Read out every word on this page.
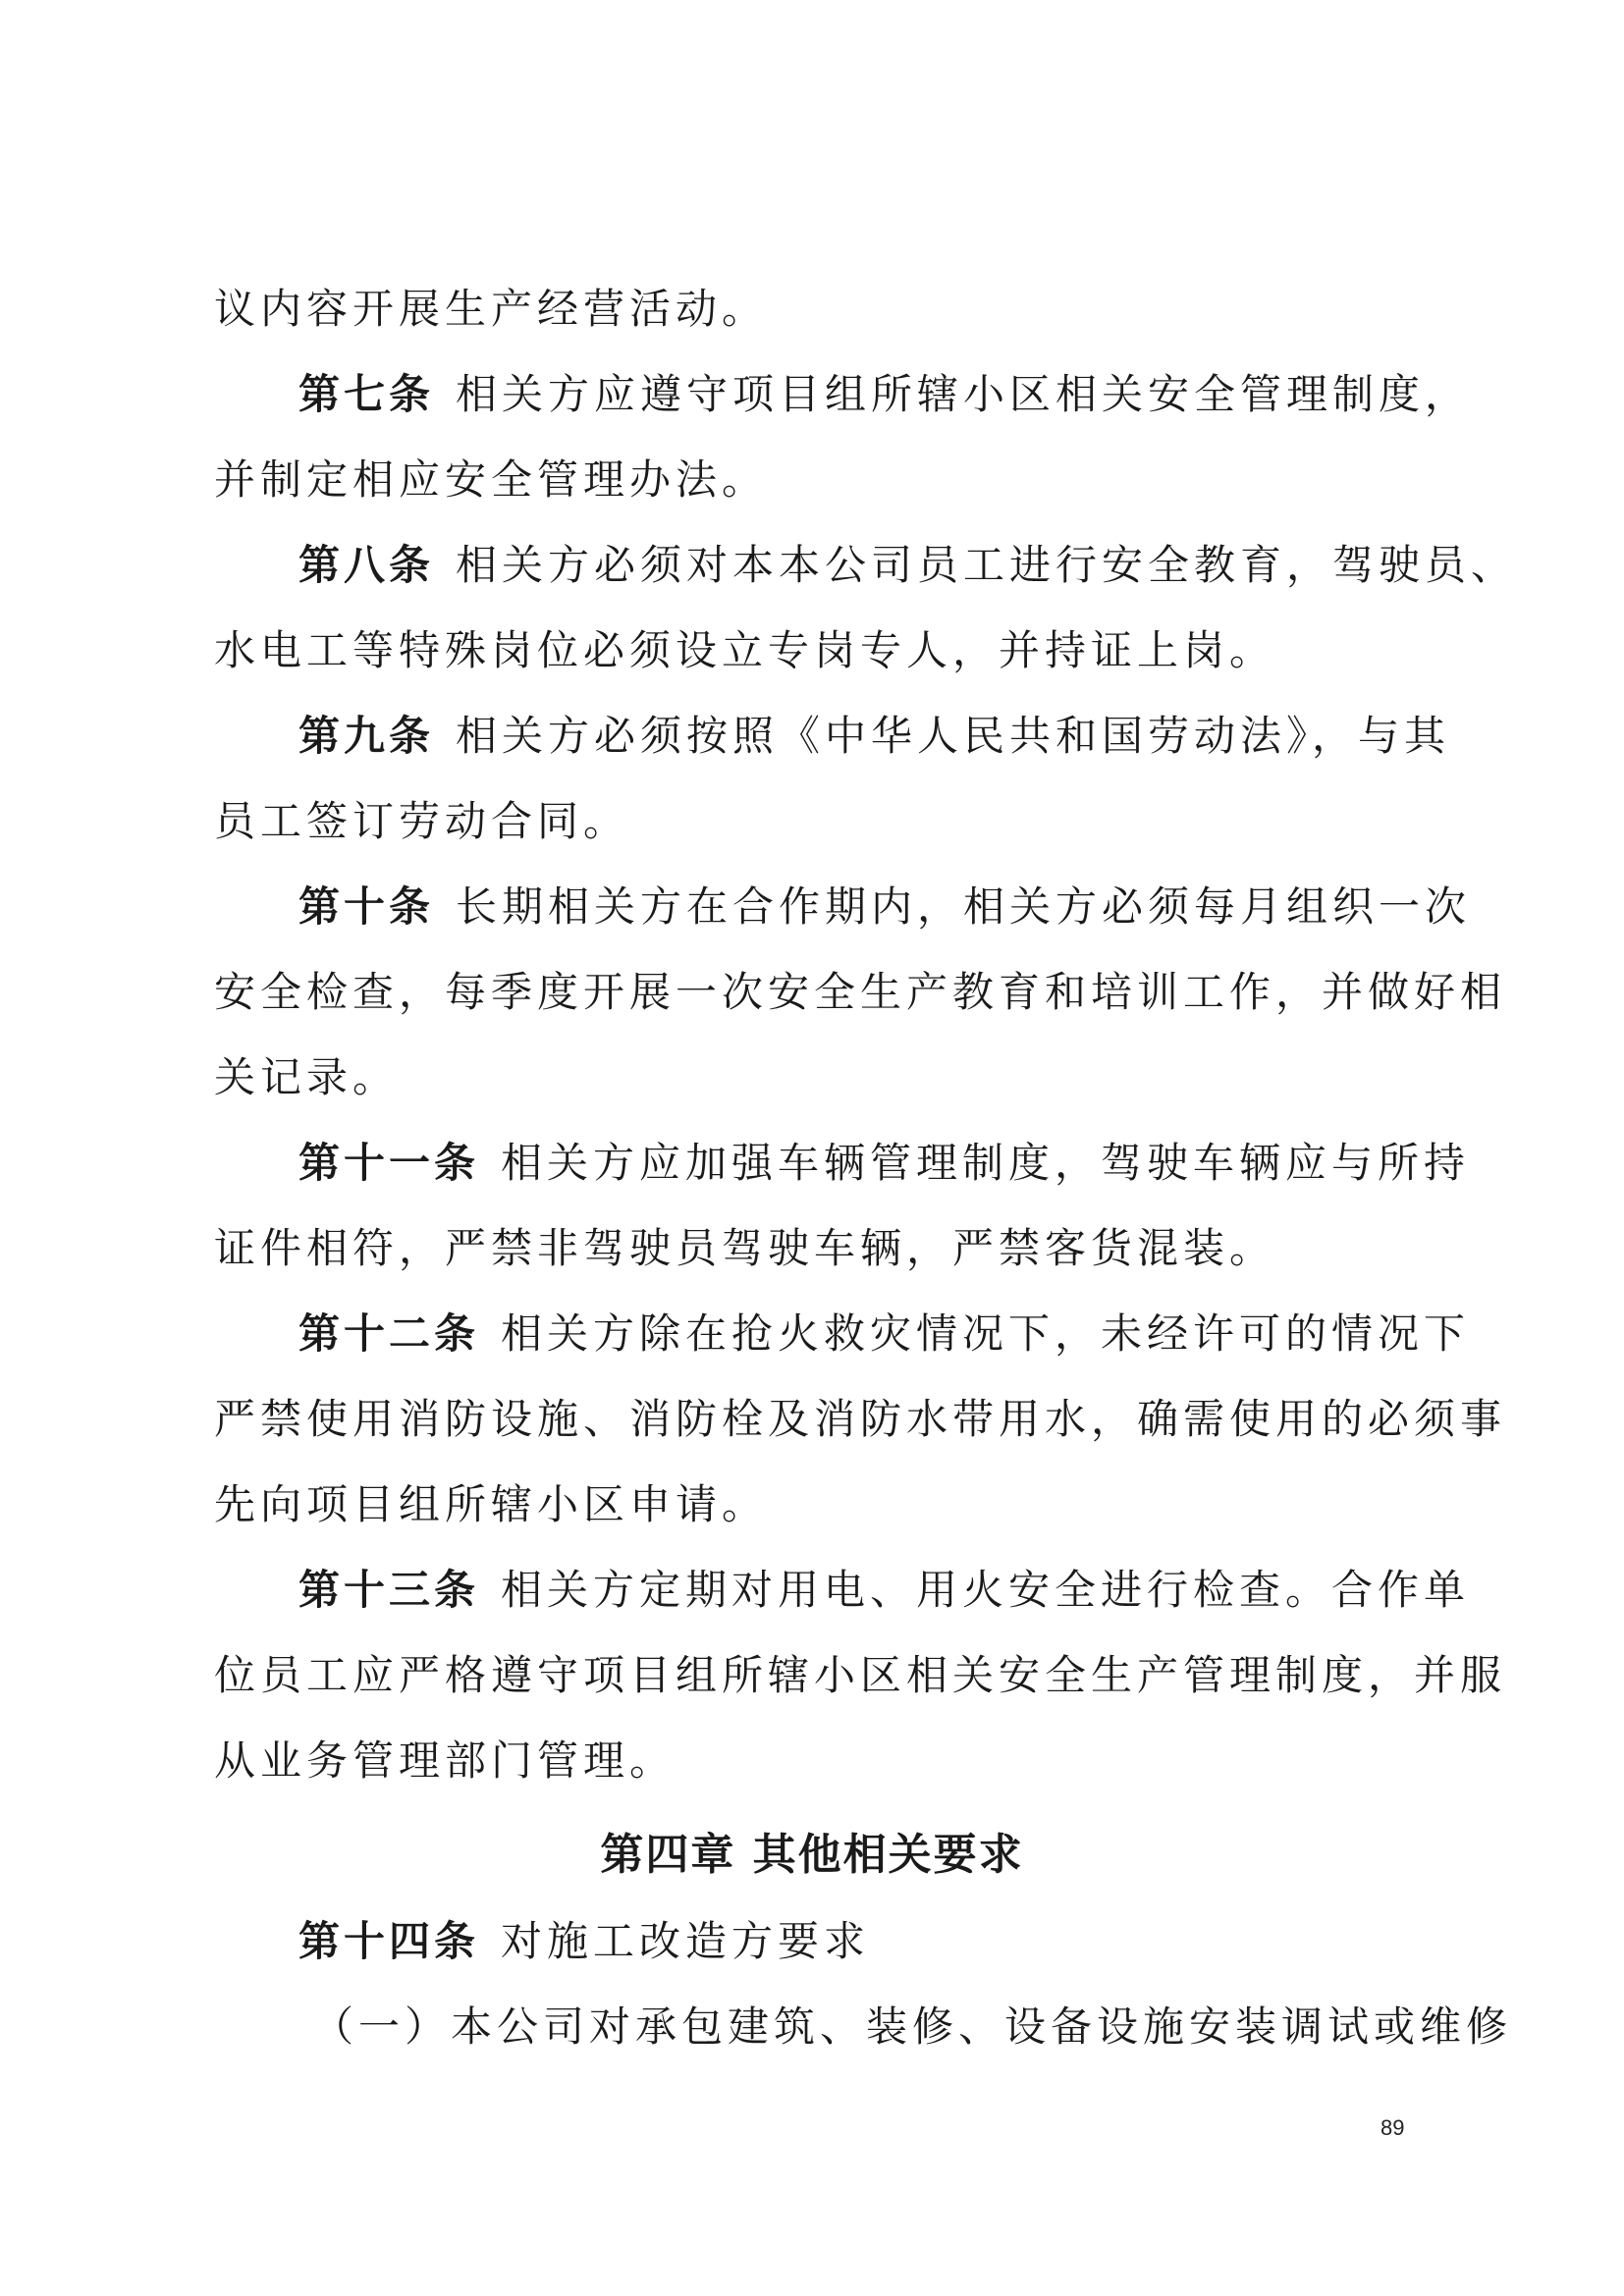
议内容开展生产经营活动。

第七条 相关方应遵守项目组所辖小区相关安全管理制度，

并制定相应安全管理办法。

第八条 相关方必须对本本公司员工进行安全教育，驾驶员、

水电工等特殊岗位必须设立专岗专人，并持证上岗。

第九条 相关方必须按照《中华人民共和国劳动法》，与其

员工签订劳动合同。

第十条 长期相关方在合作期内，相关方必须每月组织一次

安全检查，每季度开展一次安全生产教育和培训工作，并做好相

关记录。

第十一条 相关方应加强车辆管理制度，驾驶车辆应与所持

证件相符，严禁非驾驶员驾驶车辆，严禁客货混装。

第十二条 相关方除在抢火救灾情况下，未经许可的情况下

严禁使用消防设施、消防栓及消防水带用水，确需使用的必须事

先向项目组所辖小区申请。

第十三条 相关方定期对用电、用火安全进行检查。合作单

位员工应严格遵守项目组所辖小区相关安全生产管理制度，并服

从业务管理部门管理。

第四章 其他相关要求

第十四条 对施工改造方要求

（一）本公司对承包建筑、装修、设备设施安装调试或维修

89
